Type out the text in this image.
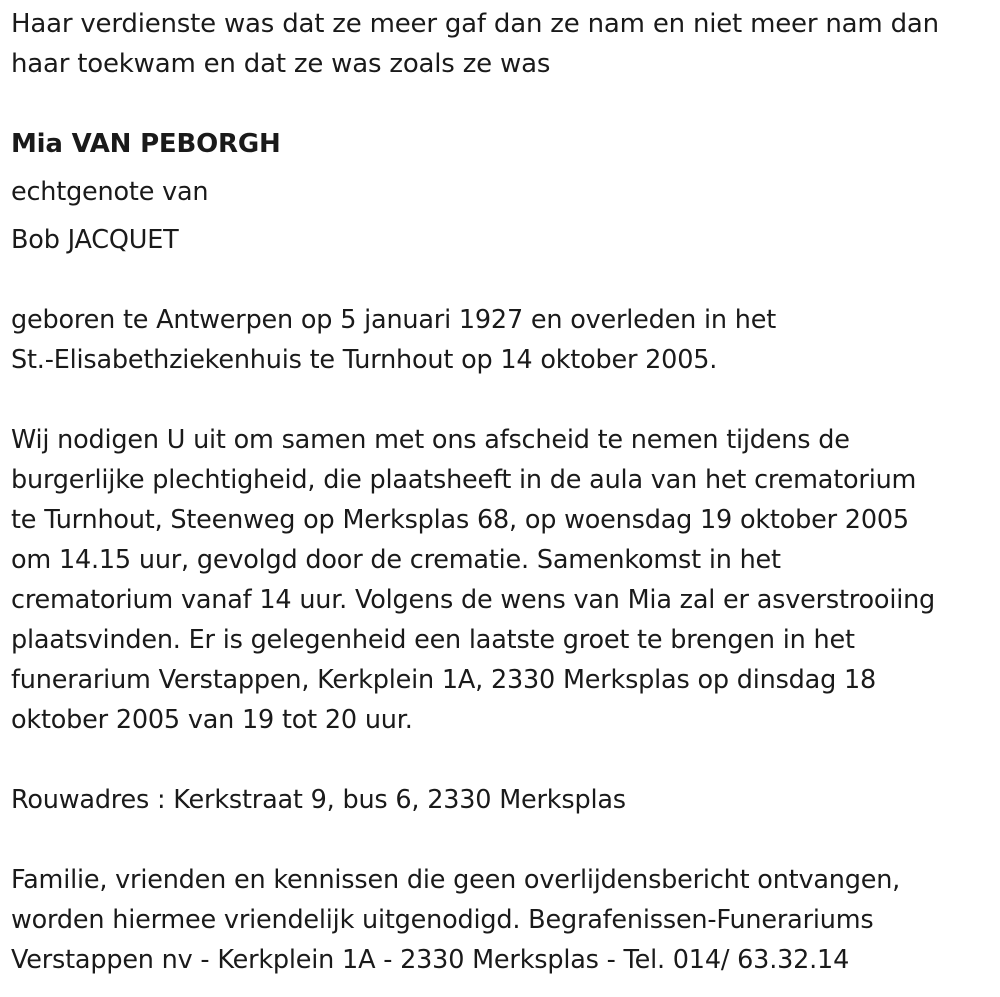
Haar verdienste was dat ze meer gaf dan ze nam en niet meer nam dan
haar toekwam en dat ze was zoals ze was

Mia VAN PEBORGH

echtgenote van

Bob JACQUET

geboren te Antwerpen op 5 januari 1927 en overleden in het
St.-Elisabethziekenhuis te Turnhout op 14 oktober 2005.

Wij nodigen U uit om samen met ons afscheid te nemen tijdens de
burgerlijke plechtigheid, die plaatsheeft in de aula van het crematorium
te Turnhout, Steenweg op Merksplas 68, op woensdag 19 oktober 2005
om 14.15 uur, gevolgd door de crematie. Samenkomst in het
crematorium vanaf 14 uur. Volgens de wens van Mia zal er asverstrooiing
plaatsvinden. Er is gelegenheid een laatste groet te brengen in het
funerarium Verstappen, Kerkplein 1A, 2330 Merksplas op dinsdag 18
oktober 2005 van 19 tot 20 uur.

Rouwadres : Kerkstraat 9, bus 6, 2330 Merksplas

Familie, vrienden en kennissen die geen overlijdensbericht ontvangen,
worden hiermee vriendelijk uitgenodigd. Begrafenissen-Funerariums
Verstappen nv - Kerkplein 1A - 2330 Merksplas - Tel. 014/ 63.32.14
